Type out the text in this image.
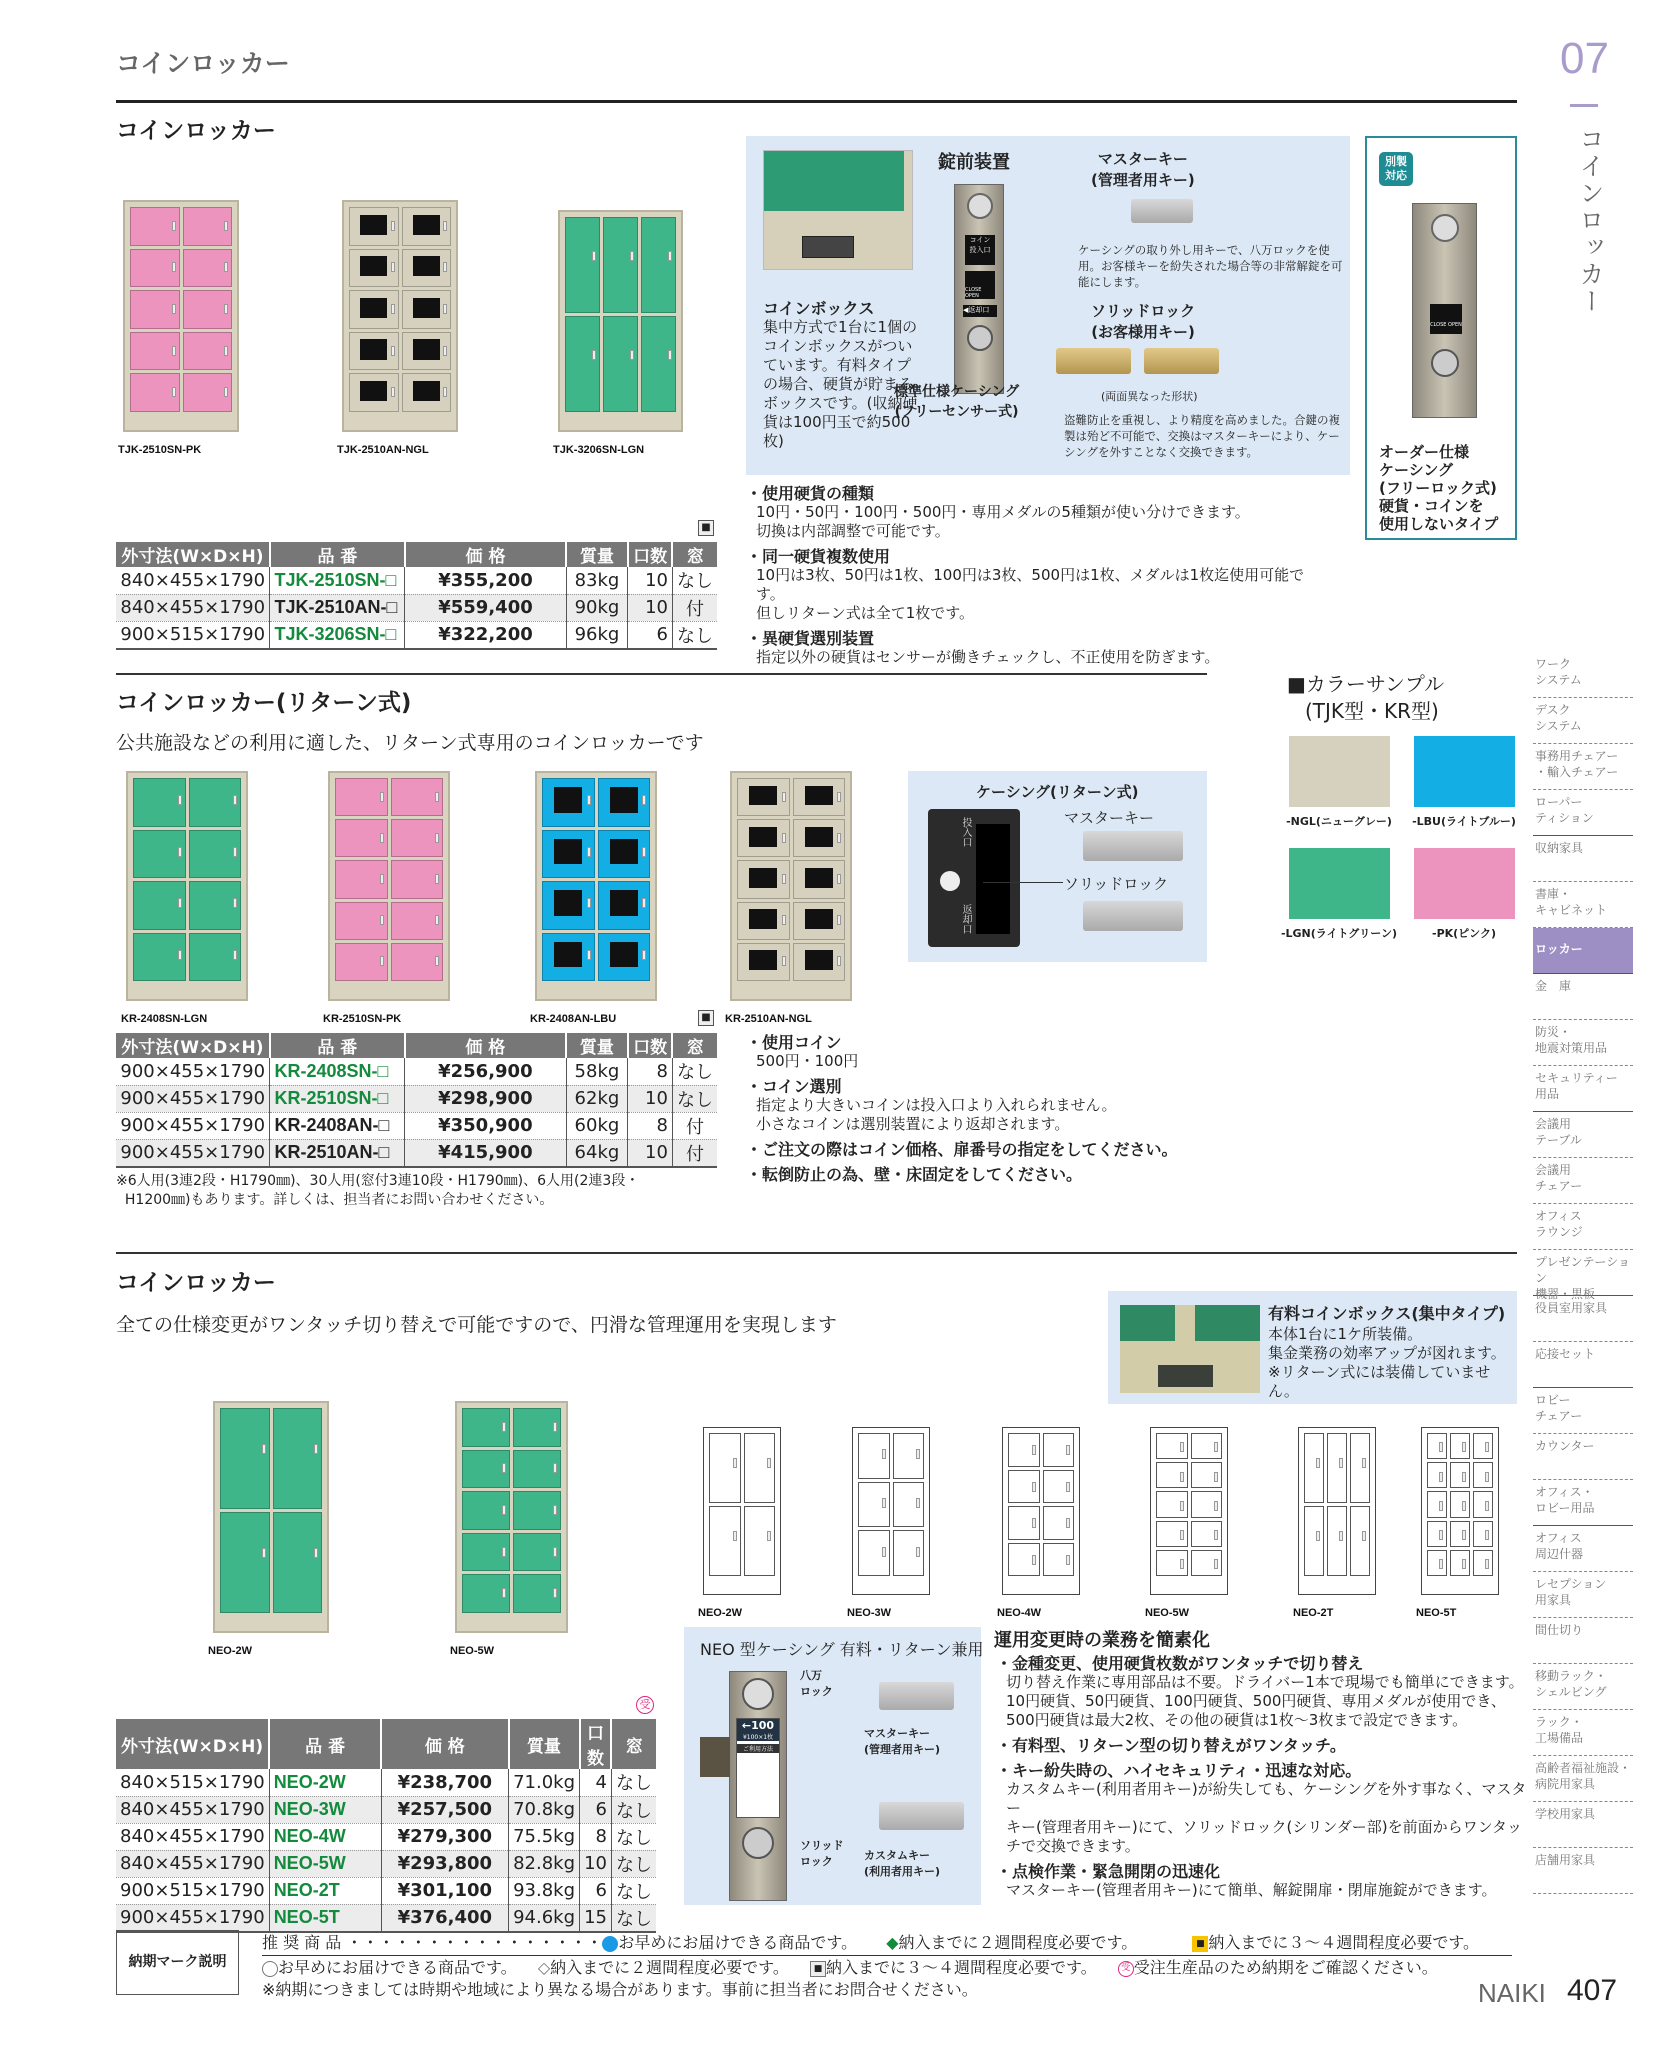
コインロッカー	07
コインロッカー
コインロッカー
TJK-2510SN-PK	TJK-2510AN-NGL	TJK-3206SN-LGN
コインボックス
集中方式で1台に1個のコインボックスがついています。有料タイプの場合、硬貨が貯まるボックスです。(収納硬貨は100円玉で約500枚)
錠前装置
コイン
投入口
CLOSE OPEN
◀返却口
標準仕様ケーシング
(フリーセンサー式)
マスターキー
(管理者用キー)
ケーシングの取り外し用キーで、八万ロックを使用。お客様キーを紛失された場合等の非常解錠を可能にします。
ソリッドロック
(お客様用キー)
(両面異なった形状)
盗難防止を重視し、より精度を高めました。合鍵の複製は殆ど不可能で、交換はマスターキーにより、ケーシングを外すことなく交換できます。
別製
対応
CLOSE OPEN
オーダー仕様
ケーシング
(フリーロック式)
硬貨・コインを
使用しないタイプ
■
外寸法(W×D×H)	品 番	価 格	質量	口数	窓
840×455×1790	TJK-2510SN-□	¥355,200	83kg	10	なし
840×455×1790	TJK-2510AN-□	¥559,400	90kg	10	付
900×515×1790	TJK-3206SN-□	¥322,200	96kg	6	なし
・使用硬貨の種類

10円・50円・100円・500円・専用メダルの5種類が使い分けできます。

切換は内部調整で可能です。

・同一硬貨複数使用

10円は3枚、50円は1枚、100円は3枚、500円は1枚、メダルは1枚迄使用可能です。

但しリターン式は全て1枚です。

・異硬貨選別装置

指定以外の硬貨はセンサーが働きチェックし、不正使用を防ぎます。

コインロッカー(リターン式)
公共施設などの利用に適した、リターン式専用のコインロッカーです
KR-2408SN-LGN	KR-2510SN-PK	KR-2408AN-LBU	KR-2510AN-NGL
ケーシング(リターン式)
投入口
返却口
マスターキー
ソリッドロック
■カラーサンプル
(TJK型・KR型)
-NGL(ニューグレー)	-LBU(ライトブルー)
-LGN(ライトグリーン)	-PK(ピンク)
■
外寸法(W×D×H)	品 番	価 格	質量	口数	窓
900×455×1790	KR-2408SN-□	¥256,900	58kg	8	なし
900×455×1790	KR-2510SN-□	¥298,900	62kg	10	なし
900×455×1790	KR-2408AN-□	¥350,900	60kg	8	付
900×455×1790	KR-2510AN-□	¥415,900	64kg	10	付
※6人用(3連2段・H1790㎜)、30人用(窓付3連10段・H1790㎜)、6人用(2連3段・
H1200㎜)もあります。詳しくは、担当者にお問い合わせください。
・使用コイン

500円・100円

・コイン選別

指定より大きいコインは投入口より入れられません。

小さなコインは選別装置により返却されます。

・ご注文の際はコイン価格、扉番号の指定をしてください。
・転倒防止の為、壁・床固定をしてください。
コインロッカー
全ての仕様変更がワンタッチ切り替えで可能ですので、円滑な管理運用を実現します
有料コインボックス(集中タイプ)
本体1台に1ケ所装備。
集金業務の効率アップが図れます。
※リターン式には装備していません。
NEO-2W	NEO-5W
NEO-2W	NEO-3W	NEO-4W	NEO-5W	NEO-2T	NEO-5T
NEO 型ケーシング 有料・リターン兼用
←100
¥100×1枚
ご利用方法
八万
ロック
ソリッド
ロック
マスターキー
(管理者用キー)
カスタムキー
(利用者用キー)
運用変更時の業務を簡素化
・金種変更、使用硬貨枚数がワンタッチで切り替え

切り替え作業に専用部品は不要。ドライバー1本で現場でも簡単にできます。

10円硬貨、50円硬貨、100円硬貨、500円硬貨、専用メダルが使用でき、

500円硬貨は最大2枚、その他の硬貨は1枚〜3枚まで設定できます。

・有料型、リターン型の切り替えがワンタッチ。
・キー紛失時の、ハイセキュリティ・迅速な対応。

カスタムキー(利用者用キー)が紛失しても、ケーシングを外す事なく、マスター

キー(管理者用キー)にて、ソリッドロック(シリンダー部)を前面からワンタッ

チで交換できます。

・点検作業・緊急開閉の迅速化

マスターキー(管理者用キー)にて簡単、解錠開扉・閉扉施錠ができます。

受
外寸法(W×D×H)	品 番	価 格	質量	口数	窓
840×515×1790	NEO-2W	¥238,700	71.0kg	4	なし
840×455×1790	NEO-3W	¥257,500	70.8kg	6	なし
840×455×1790	NEO-4W	¥279,300	75.5kg	8	なし
840×455×1790	NEO-5W	¥293,800	82.8kg	10	なし
900×515×1790	NEO-2T	¥301,100	93.8kg	6	なし
900×455×1790	NEO-5T	¥376,400	94.6kg	15	なし
ワーク
システム
デスク
システム
事務用チェアー
・輸入チェアー
ローパー
ティション
収納家具
書庫・
キャビネット
ロッカー
金　庫
防災・
地震対策用品
セキュリティー
用品
会議用
テーブル
会議用
チェアー
オフィス
ラウンジ
プレゼンテーション
機器・黒板
役員室用家具
応接セット
ロビー
チェアー
カウンター
オフィス・
ロビー用品
オフィス
周辺什器
レセプション
用家具
間仕切り
移動ラック・
シェルビング
ラック・
工場備品
高齢者福祉施設・
病院用家具
学校用家具
店舗用家具
納期マーク説明
推 奨 商 品 ・・・・・・・・・・・・・・・・ お早めにお届けできる商品です。 ◆納入までに２週間程度必要です。	■ 納入までに３〜４週間程度必要です。
お早めにお届けできる商品です。 ◇納入までに２週間程度必要です。	■ 納入までに３〜４週間程度必要です。	受 受注生産品のため納期をご確認ください。
※納期につきましては時期や地域により異なる場合があります。事前に担当者にお問合せください。	NAIKI 407
